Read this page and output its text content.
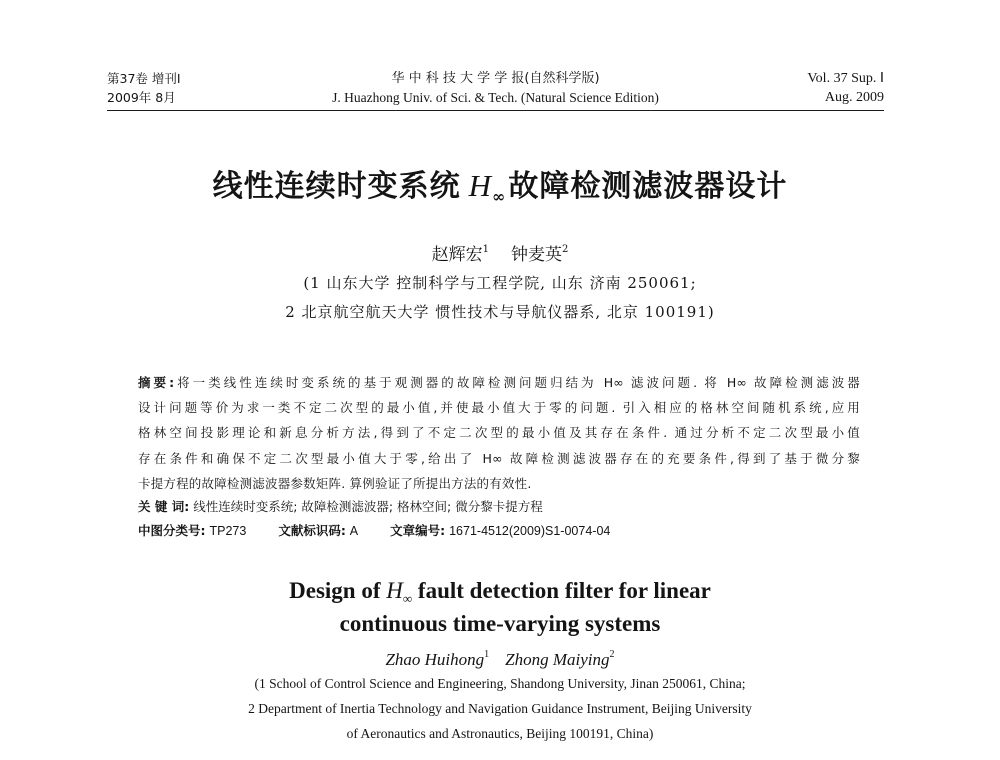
第37卷 增刊Ⅰ	华 中 科 技 大 学 学 报(自然科学版)	Vol. 37 Sup. Ⅰ
2009年 8月	J. Huazhong Univ. of Sci. & Tech. (Natural Science Edition)	Aug. 2009
线性连续时变系统 $H_\infty$故障检测滤波器设计
赵辉宏$^1$ 钟麦英$^2$
(1 山东大学 控制科学与工程学院, 山东 济南 250061;
2 北京航空航天大学 惯性技术与导航仪器系, 北京 100191)
摘要:将一类线性连续时变系统的基于观测器的故障检测问题归结为 H∞ 滤波问题. 将 H∞ 故障检测滤波器
设计问题等价为求一类不定二次型的最小值,并使最小值大于零的问题. 引入相应的格林空间随机系统,应用
格林空间投影理论和新息分析方法,得到了不定二次型的最小值及其存在条件. 通过分析不定二次型最小值
存在条件和确保不定二次型最小值大于零,给出了 H∞ 故障检测滤波器存在的充要条件,得到了基于微分黎
卡提方程的故障检测滤波器参数矩阵. 算例验证了所提出方法的有效性.
关 键 词: 线性连续时变系统; 故障检测滤波器; 格林空间; 微分黎卡提方程
中图分类号: TP273	文献标识码: A	文章编号: 1671-4512(2009)S1-0074-04
Design of $H_\infty$ fault detection filter for linear
continuous time-varying systems
Zhao Huihong$^1$ Zhong Maiying$^2$
(1 School of Control Science and Engineering, Shandong University, Jinan 250061, China;
2 Department of Inertia Technology and Navigation Guidance Instrument, Beijing University
of Aeronautics and Astronautics, Beijing 100191, China)
